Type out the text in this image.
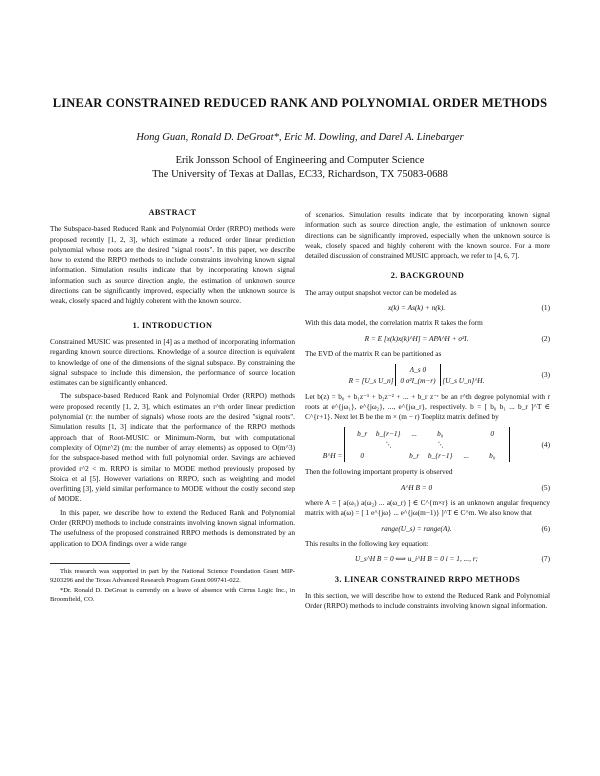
LINEAR CONSTRAINED REDUCED RANK AND POLYNOMIAL ORDER METHODS
Hong Guan, Ronald D. DeGroat*, Eric M. Dowling, and Darel A. Linebarger
Erik Jonsson School of Engineering and Computer Science
The University of Texas at Dallas, EC33, Richardson, TX 75083-0688
ABSTRACT

The Subspace-based Reduced Rank and Polynomial Order (RRPO) methods were proposed recently [1, 2, 3], which estimate a reduced order linear prediction polynomial whose roots are the desired "signal roots". In this paper, we describe how to extend the RRPO methods to include constraints involving known signal information. Simulation results indicate that by incorporating known signal information such as source direction angle, the estimation of unknown source directions can be significantly improved, especially when the unknown source is weak, closely spaced and highly coherent with the known source.

1. INTRODUCTION

Constrained MUSIC was presented in [4] as a method of incorporating information regarding known source directions. Knowledge of a source direction is equivalent to knowledge of one of the dimensions of the signal subspace. By constraining the signal subspace to include this dimension, the performance of source location estimates can be significantly enhanced.

The subspace-based Reduced Rank and Polynomial Order (RRPO) methods were proposed recently [1, 2, 3], which estimates an r^th order linear prediction polynomial (r: the number of signals) whose roots are the desired "signal roots". Simulation results [1, 3] indicate that the performance of the RRPO methods approach that of Root-MUSIC or Minimum-Norm, but with computational complexity of O(mr^2) (m: the number of array elements) as opposed to O(m^3) for the subspace-based method with full polynomial order. Savings are achieved provided r^2 < m. RRPO is similar to MODE method previously proposed by Stoica et al [5]. However variations on RRPO, such as weighting and model overfitting [3], yield similar performance to MODE without the costly second step of MODE.

In this paper, we describe how to extend the Reduced Rank and Polynomial Order (RRPO) methods to include constraints involving known signal information. The usefulness of the proposed constrained RRPO methods is demonstrated by an application to DOA findings over a wide range

This research was supported in part by the National Science Foundation Grant MIP-9203296 and the Texas Advanced Research Program Grant 009741-022.

*Dr. Ronald D. DeGroat is currently on a leave of absence with Cirrus Logic Inc., in Broomfield, CO.

of scenarios. Simulation results indicate that by incorporating known signal information such as source direction angle, the estimation of unknown source directions can be significantly improved, especially when the unknown source is weak, closely spaced and highly coherent with the known source. For a more detailed discussion of constrained MUSIC approach, we refer to [4, 6, 7].

2. BACKGROUND

The array output snapshot vector can be modeled as

x(k) = As(k) + n(k).	(1)

With this data model, the correlation matrix R takes the form

R = E [x(k)x(k)^H] = APA^H + σ²I.	(2)

The EVD of the matrix R can be partitioned as

R = [U_s U_n] Λ_s 0
0 σ²I_(m−r) [U_s U_n]^H.
(3)

Let b(z) = b₀ + b₁z⁻¹ + b₂z⁻² + ... + b_r z⁻ʳ be an r^th degree polynomial with r roots at e^{jω₁}, e^{jω₂}, ..., e^{jω_r}, respectively. b = [ b₀ b₁ ... b_r ]^T ∈ C^{r+1}. Next let B be the m × (m − r) Toeplitz matrix defined by

B^H = b_r b_{r−1} ...	b₀	0
⋱	⋱
0	b_r b_{r−1} ...	b₀
(4)

Then the following important property is observed

A^H B = 0	(5)

where A = [ a(ω₁) a(ω₂) ... a(ω_r) ] ∈ C^{m×r} is an unknown angular frequency matrix with a(ω) = [ 1 e^{jω} ... e^{jω(m−1)} ]^T ∈ C^m. We also know that

range(U_s) = range(A).	(6)

This results in the following key equation:

U_s^H B = 0 ⟺ u_i^H B = 0 i = 1, ..., r;	(7)
3. LINEAR CONSTRAINED RRPO METHODS

In this section, we will describe how to extend the Reduced Rank and Polynomial Order (RRPO) methods to include constraints involving known signal information.
